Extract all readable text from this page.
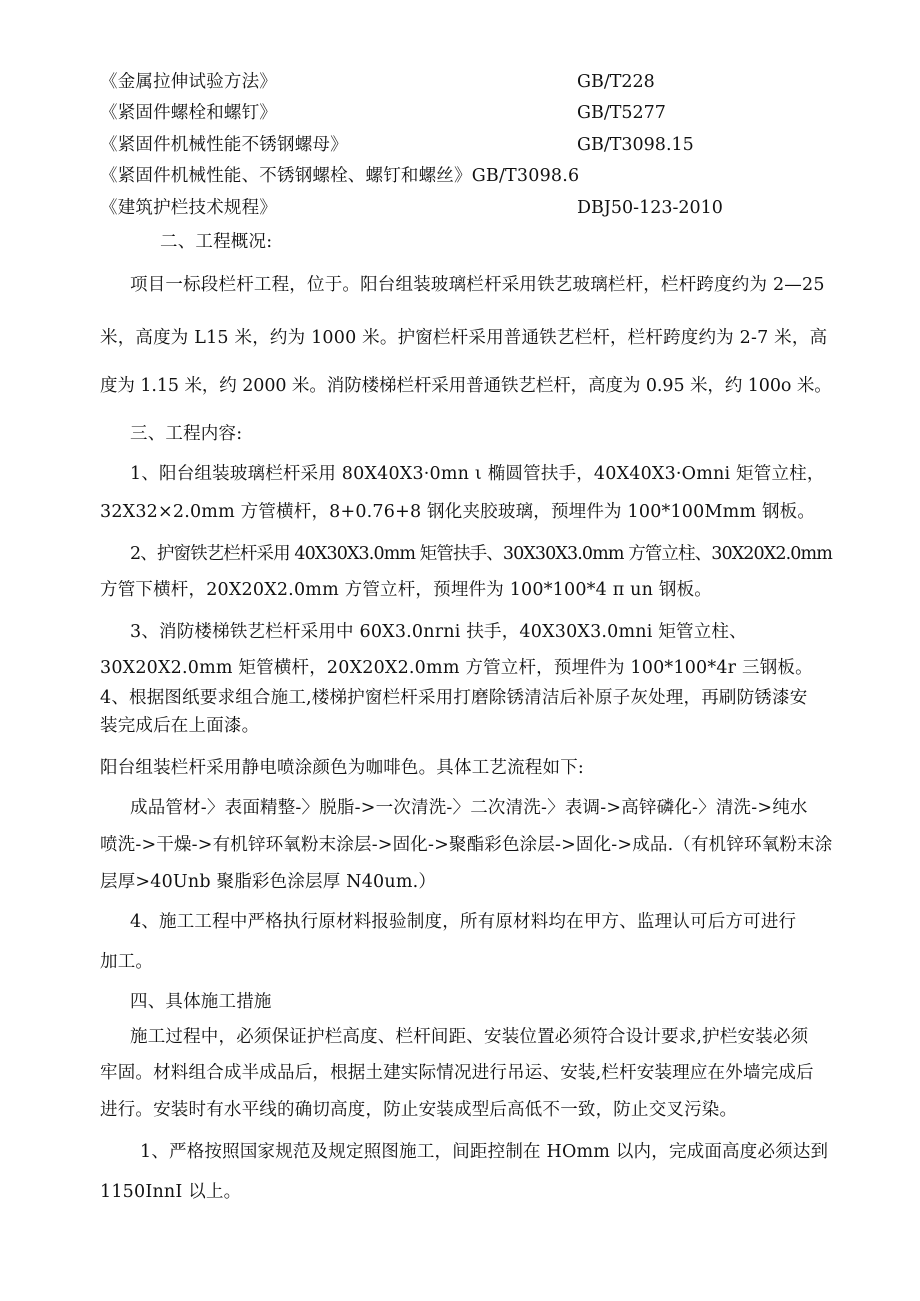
《金属拉伸试验方法》	GB/T228
《紧固件螺栓和螺钉》	GB/T5277
《紧固件机械性能不锈钢螺母》	GB/T3098.15
《紧固件机械性能、不锈钢螺栓、螺钉和螺丝》GB/T3098.6
《建筑护栏技术规程》	DBJ50-123-2010
二、工程概况:
项目一标段栏杆工程，位于。阳台组装玻璃栏杆采用铁艺玻璃栏杆，栏杆跨度约为 2—25
米，高度为 L15 米，约为 1000 米。护窗栏杆采用普通铁艺栏杆，栏杆跨度约为 2-7 米，高
度为 1.15 米，约 2000 米。消防楼梯栏杆采用普通铁艺栏杆，高度为 0.95 米，约 100o 米。
三、工程内容:
1、阳台组装玻璃栏杆采用 80X40X3·0mn ι 椭圆管扶手，40X40X3·Omni 矩管立柱，
32X32×2.0mm 方管横杆，8+0.76+8 钢化夹胶玻璃，预埋件为 100*100Mmm 钢板。
2、护窗铁艺栏杆采用 40X30X3.0mm 矩管扶手、30X30X3.0mm 方管立柱、30X20X2.0mm
方管下横杆，20X20X2.0mm 方管立杆，预埋件为 100*100*4 π un 钢板。
3、消防楼梯铁艺栏杆采用中 60X3.0nrni 扶手，40X30X3.0mni 矩管立柱、
30X20X2.0mm 矩管横杆，20X20X2.0mm 方管立杆，预埋件为 100*100*4r 三钢板。
4、根据图纸要求组合施工,楼梯护窗栏杆采用打磨除锈清洁后补原子灰处理，再刷防锈漆安
装完成后在上面漆。
阳台组装栏杆采用静电喷涂颜色为咖啡色。具体工艺流程如下:
成品管材-〉表面精整-〉脱脂->一次清洗-〉二次清洗-〉表调->高锌磷化-〉清洗->纯水
喷洗->干燥->有机锌环氧粉末涂层->固化->聚酯彩色涂层->固化->成品.（有机锌环氧粉末涂
层厚>40Unb 聚脂彩色涂层厚 N40um.）
4、施工工程中严格执行原材料报验制度，所有原材料均在甲方、监理认可后方可进行
加工。
四、具体施工措施
施工过程中，必须保证护栏高度、栏杆间距、安装位置必须符合设计要求,护栏安装必须
牢固。材料组合成半成品后，根据土建实际情况进行吊运、安装,栏杆安装理应在外墙完成后
进行。安装时有水平线的确切高度，防止安装成型后高低不一致，防止交叉污染。
1、严格按照国家规范及规定照图施工，间距控制在 HOmm 以内，完成面高度必须达到
1150InnI 以上。
